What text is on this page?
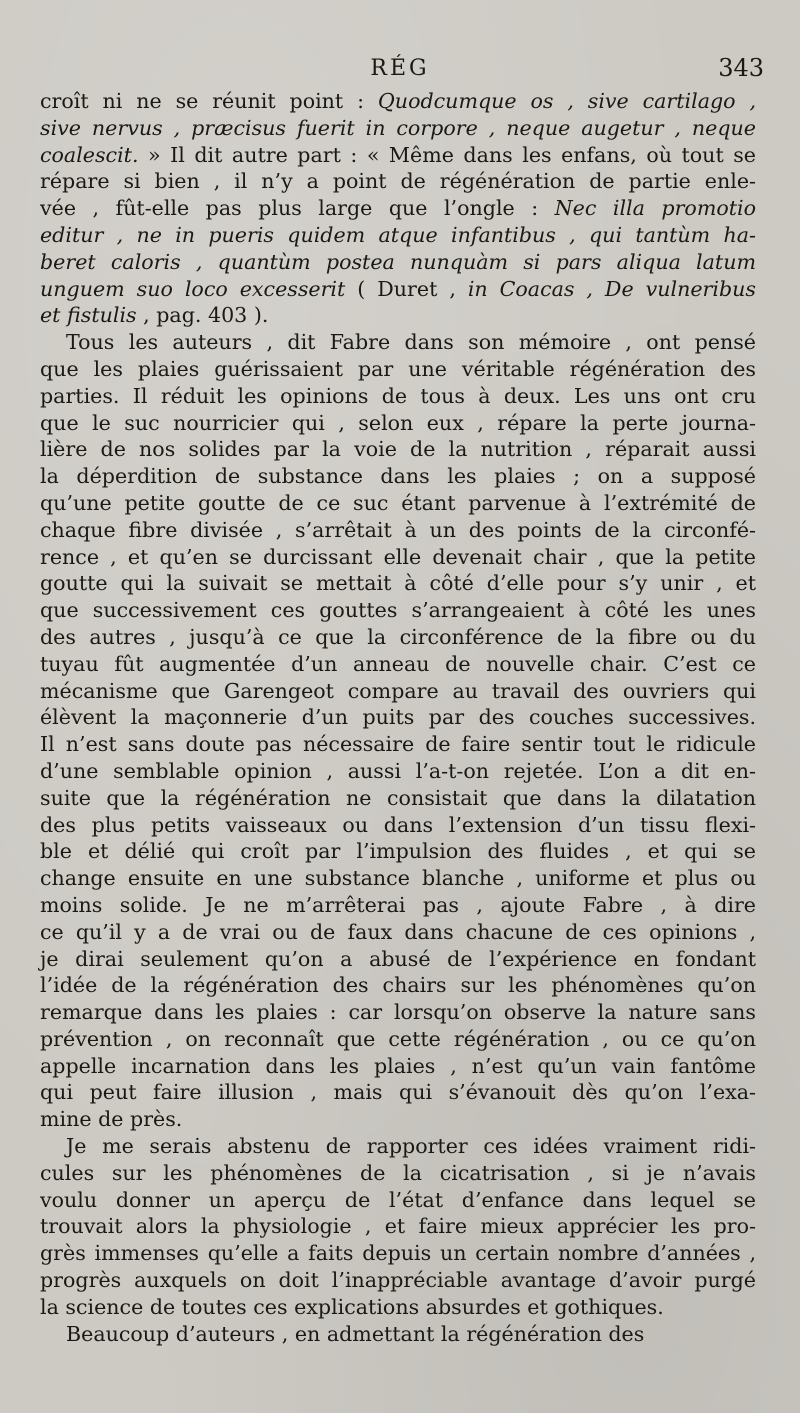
RÉG	343
croît ni ne se réunit point : Quodcumque os , sive cartilago ,
sive nervus , præcisus fuerit in corpore , neque augetur , neque
coalescit. » Il dit autre part : « Même dans les enfans, où tout se
répare si bien , il n’y a point de régénération de partie enle-
vée , fût-elle pas plus large que l’ongle : Nec illa promotio
editur , ne in pueris quidem atque infantibus , qui tantùm ha-
beret caloris , quantùm postea nunquàm si pars aliqua latum
unguem suo loco excesserit ( Duret , in Coacas , De vulneribus
et fistulis , pag. 403 ).
Tous les auteurs , dit Fabre dans son mémoire , ont pensé
que les plaies guérissaient par une véritable régénération des
parties. Il réduit les opinions de tous à deux. Les uns ont cru
que le suc nourricier qui , selon eux , répare la perte journa-
lière de nos solides par la voie de la nutrition , réparait aussi
la déperdition de substance dans les plaies ; on a supposé
qu’une petite goutte de ce suc étant parvenue à l’extrémité de
chaque fibre divisée , s’arrêtait à un des points de la circonfé-
rence , et qu’en se durcissant elle devenait chair , que la petite
goutte qui la suivait se mettait à côté d’elle pour s’y unir , et
que successivement ces gouttes s’arrangeaient à côté les unes
des autres , jusqu’à ce que la circonférence de la fibre ou du
tuyau fût augmentée d’un anneau de nouvelle chair. C’est ce
mécanisme que Garengeot compare au travail des ouvriers qui
élèvent la maçonnerie d’un puits par des couches successives.
Il n’est sans doute pas nécessaire de faire sentir tout le ridicule
d’une semblable opinion , aussi l’a-t-on rejetée. L’on a dit en-
suite que la régénération ne consistait que dans la dilatation
des plus petits vaisseaux ou dans l’extension d’un tissu flexi-
ble et délié qui croît par l’impulsion des fluides , et qui se
change ensuite en une substance blanche , uniforme et plus ou
moins solide. Je ne m’arrêterai pas , ajoute Fabre , à dire
ce qu’il y a de vrai ou de faux dans chacune de ces opinions ,
je dirai seulement qu’on a abusé de l’expérience en fondant
l’idée de la régénération des chairs sur les phénomènes qu’on
remarque dans les plaies : car lorsqu’on observe la nature sans
prévention , on reconnaît que cette régénération , ou ce qu’on
appelle incarnation dans les plaies , n’est qu’un vain fantôme
qui peut faire illusion , mais qui s’évanouit dès qu’on l’exa-
mine de près.
Je me serais abstenu de rapporter ces idées vraiment ridi-
cules sur les phénomènes de la cicatrisation , si je n’avais
voulu donner un aperçu de l’état d’enfance dans lequel se
trouvait alors la physiologie , et faire mieux apprécier les pro-
grès immenses qu’elle a faits depuis un certain nombre d’années ,
progrès auxquels on doit l’inappréciable avantage d’avoir purgé
la science de toutes ces explications absurdes et gothiques.
Beaucoup d’auteurs , en admettant la régénération des
